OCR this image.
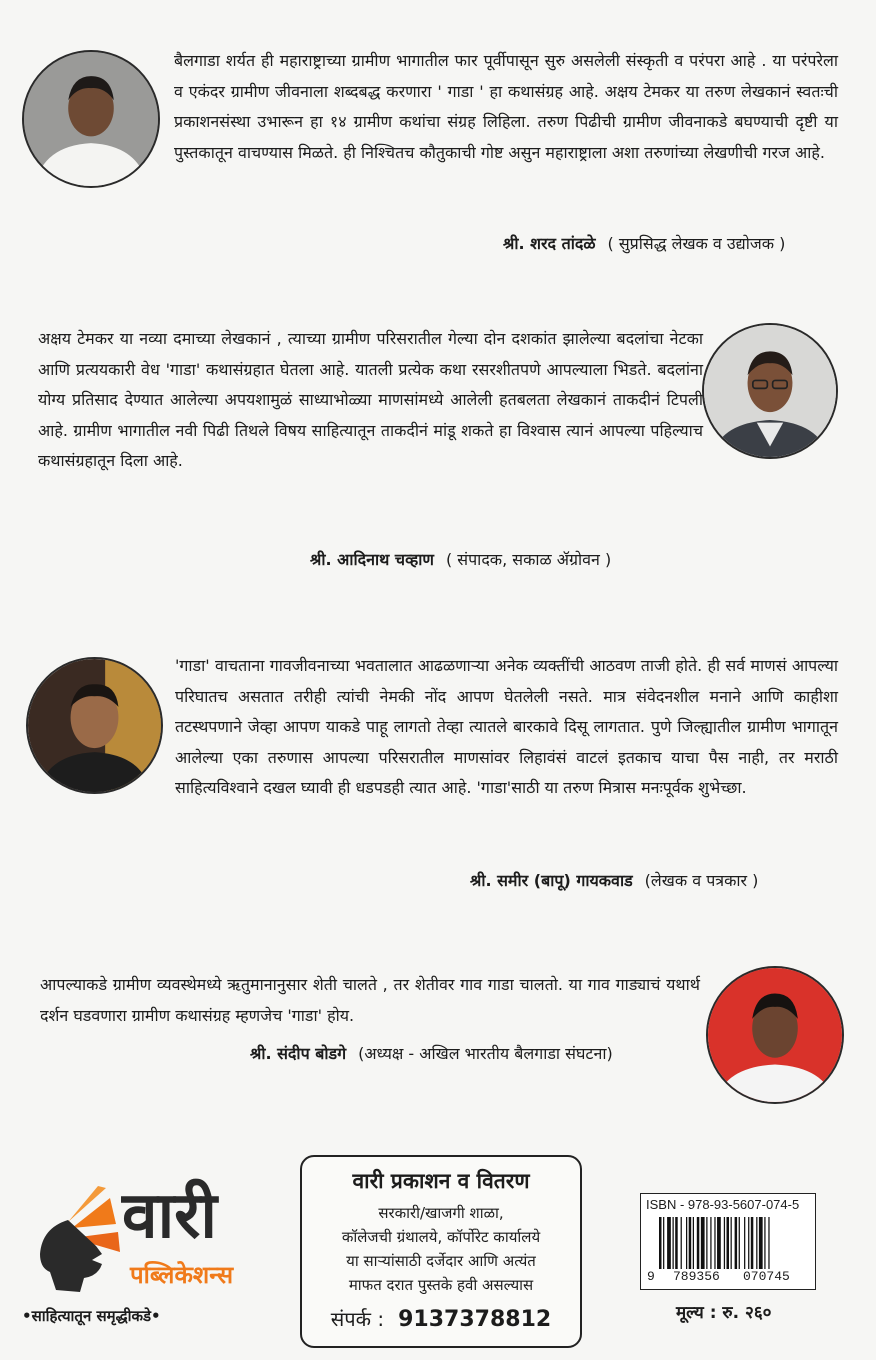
बैलगाडा शर्यत ही महाराष्ट्राच्या ग्रामीण भागातील फार पूर्वीपासून सुरु असलेली संस्कृती व परंपरा आहे . या परंपरेला व एकंदर ग्रामीण जीवनाला शब्दबद्ध करणारा ' गाडा ' हा कथासंग्रह आहे. अक्षय टेमकर या तरुण लेखकानं स्वतःची प्रकाशनसंस्था उभारून हा १४ ग्रामीण कथांचा संग्रह लिहिला. तरुण पिढीची ग्रामीण जीवनाकडे बघण्याची दृष्टी या पुस्तकातून वाचण्यास मिळते. ही निश्चितच कौतुकाची गोष्ट असुन महाराष्ट्राला अशा तरुणांच्या लेखणीची गरज आहे.

श्री. शरद तांदळे ( सुप्रसिद्ध लेखक व उद्योजक )

अक्षय टेमकर या नव्या दमाच्या लेखकानं , त्याच्या ग्रामीण परिसरातील गेल्या दोन दशकांत झालेल्या बदलांचा नेटका आणि प्रत्ययकारी वेध 'गाडा' कथासंग्रहात घेतला आहे. यातली प्रत्येक कथा रसरशीतपणे आपल्याला भिडते. बदलांना योग्य प्रतिसाद देण्यात आलेल्या अपयशामुळं साध्याभोळ्या माणसांमध्ये आलेली हतबलता लेखकानं ताकदीनं टिपली आहे. ग्रामीण भागातील नवी पिढी तिथले विषय साहित्यातून ताकदीनं मांडू शकते हा विश्वास त्यानं आपल्या पहिल्याच कथासंग्रहातून दिला आहे.

श्री. आदिनाथ चव्हाण ( संपादक, सकाळ ॲग्रोवन )

'गाडा' वाचताना गावजीवनाच्या भवतालात आढळणाऱ्या अनेक व्यक्तींची आठवण ताजी होते. ही सर्व माणसं आपल्या परिघातच असतात तरीही त्यांची नेमकी नोंद आपण घेतलेली नसते. मात्र संवेदनशील मनाने आणि काहीशा तटस्थपणाने जेव्हा आपण याकडे पाहू लागतो तेव्हा त्यातले बारकावे दिसू लागतात. पुणे जिल्ह्यातील ग्रामीण भागातून आलेल्या एका तरुणास आपल्या परिसरातील माणसांवर लिहावंसं वाटलं इतकाच याचा पैस नाही, तर मराठी साहित्यविश्वाने दखल घ्यावी ही धडपडही त्यात आहे. 'गाडा'साठी या तरुण मित्रास मनःपूर्वक शुभेच्छा.

श्री. समीर (बापू) गायकवाड (लेखक व पत्रकार )

आपल्याकडे ग्रामीण व्यवस्थेमध्ये ऋतुमानानुसार शेती चालते , तर शेतीवर गाव गाडा चालतो. या गाव गाड्याचं यथार्थ दर्शन घडवणारा ग्रामीण कथासंग्रह म्हणजेच 'गाडा' होय.

श्री. संदीप बोडगे (अध्यक्ष - अखिल भारतीय बैलगाडा संघटना)
वारी
पब्लिकेशन्स
•साहित्यातून समृद्धीकडे•
वारी प्रकाशन व वितरण
सरकारी/खाजगी शाळा,
कॉलेजची ग्रंथालये, कॉर्पोरेट कार्यालये
या साऱ्यांसाठी दर्जेदार आणि अत्यंत
माफत दरात पुस्तके हवी असल्यास
संपर्क : 9137378812
ISBN - 978-93-5607-074-5
9 789356 070745
मूल्य : रु. २६०
